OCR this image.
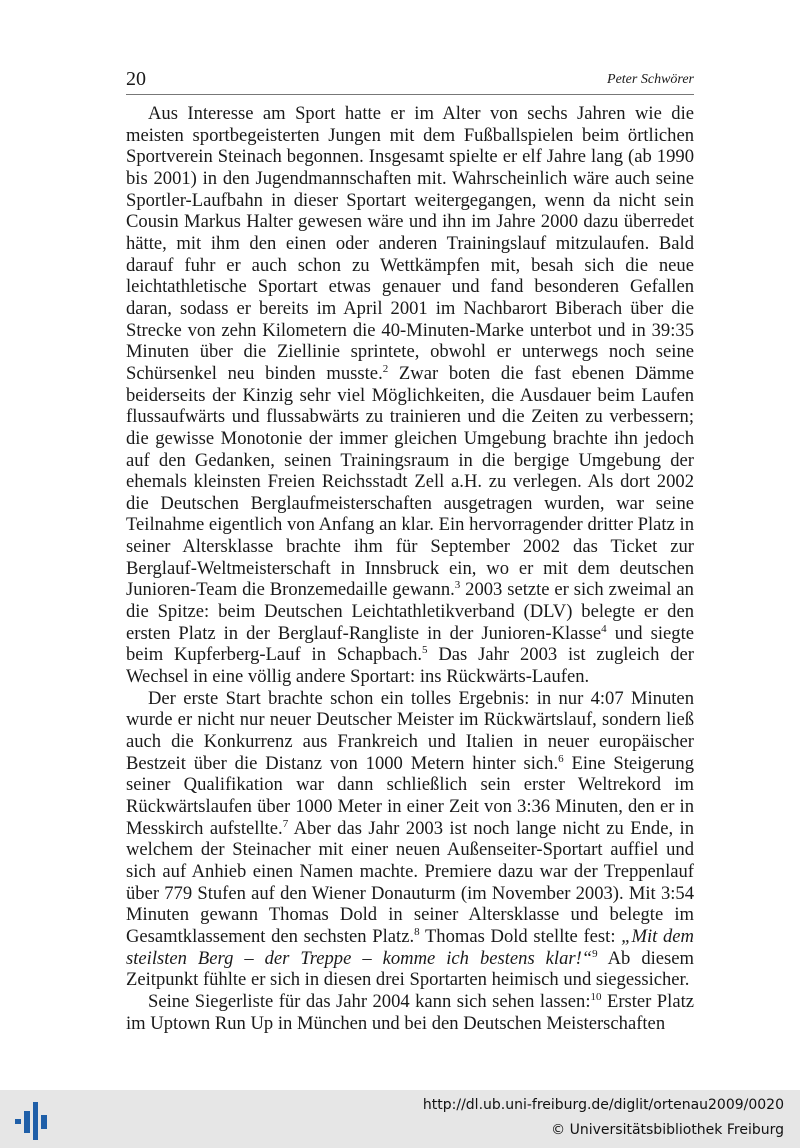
20	Peter Schwörer

Aus Interesse am Sport hatte er im Alter von sechs Jahren wie die meisten sportbegeisterten Jungen mit dem Fußballspielen beim örtlichen Sportverein Steinach begonnen. Insgesamt spielte er elf Jahre lang (ab 1990 bis 2001) in den Jugendmannschaften mit. Wahrscheinlich wäre auch seine Sportler-Laufbahn in dieser Sportart weitergegangen, wenn da nicht sein Cousin Markus Halter gewesen wäre und ihn im Jahre 2000 dazu überredet hätte, mit ihm den einen oder anderen Trainingslauf mitzulaufen. Bald darauf fuhr er auch schon zu Wettkämpfen mit, besah sich die neue leichtathletische Sportart etwas genauer und fand besonderen Gefallen daran, sodass er bereits im April 2001 im Nachbarort Biberach über die Strecke von zehn Kilometern die 40-Minuten-Marke unterbot und in 39:35 Minuten über die Ziellinie sprintete, obwohl er unterwegs noch seine Schürsenkel neu binden musste.$^2$ Zwar boten die fast ebenen Dämme beiderseits der Kinzig sehr viel Möglichkeiten, die Ausdauer beim Laufen flussaufwärts und flussabwärts zu trainieren und die Zeiten zu verbessern; die gewisse Monotonie der immer gleichen Umgebung brachte ihn jedoch auf den Gedanken, seinen Trainingsraum in die bergige Umgebung der ehemals kleinsten Freien Reichsstadt Zell a.H. zu verlegen. Als dort 2002 die Deutschen Berglaufmeisterschaften ausgetragen wurden, war seine Teilnahme eigentlich von Anfang an klar. Ein hervorragender dritter Platz in seiner Altersklasse brachte ihm für September 2002 das Ticket zur Berglauf-Weltmeisterschaft in Innsbruck ein, wo er mit dem deutschen Junioren-Team die Bronzemedaille gewann.$^3$ 2003 setzte er sich zweimal an die Spitze: beim Deutschen Leichtathletikverband (DLV) belegte er den ersten Platz in der Berglauf-Rangliste in der Junioren-Klasse$^4$ und siegte beim Kupferberg-Lauf in Schapbach.$^5$ Das Jahr 2003 ist zugleich der Wechsel in eine völlig andere Sportart: ins Rückwärts-Laufen.

Der erste Start brachte schon ein tolles Ergebnis: in nur 4:07 Minuten wurde er nicht nur neuer Deutscher Meister im Rückwärtslauf, sondern ließ auch die Konkurrenz aus Frankreich und Italien in neuer europäischer Bestzeit über die Distanz von 1000 Metern hinter sich.$^6$ Eine Steigerung seiner Qualifikation war dann schließlich sein erster Weltrekord im Rückwärtslaufen über 1000 Meter in einer Zeit von 3:36 Minuten, den er in Messkirch aufstellte.$^7$ Aber das Jahr 2003 ist noch lange nicht zu Ende, in welchem der Steinacher mit einer neuen Außenseiter-Sportart auffiel und sich auf Anhieb einen Namen machte. Premiere dazu war der Treppenlauf über 779 Stufen auf den Wiener Donauturm (im November 2003). Mit 3:54 Minuten gewann Thomas Dold in seiner Altersklasse und belegte im Gesamtklassement den sechsten Platz.$^8$ Thomas Dold stellte fest: „Mit dem steilsten Berg – der Treppe – komme ich bestens klar!“$^9$ Ab diesem Zeitpunkt fühlte er sich in diesen drei Sportarten heimisch und siegessicher.

Seine Siegerliste für das Jahr 2004 kann sich sehen lassen:$^{10}$ Erster Platz im Uptown Run Up in München und bei den Deutschen Meisterschaften

http://dl.ub.uni-freiburg.de/diglit/ortenau2009/0020
© Universitätsbibliothek Freiburg
